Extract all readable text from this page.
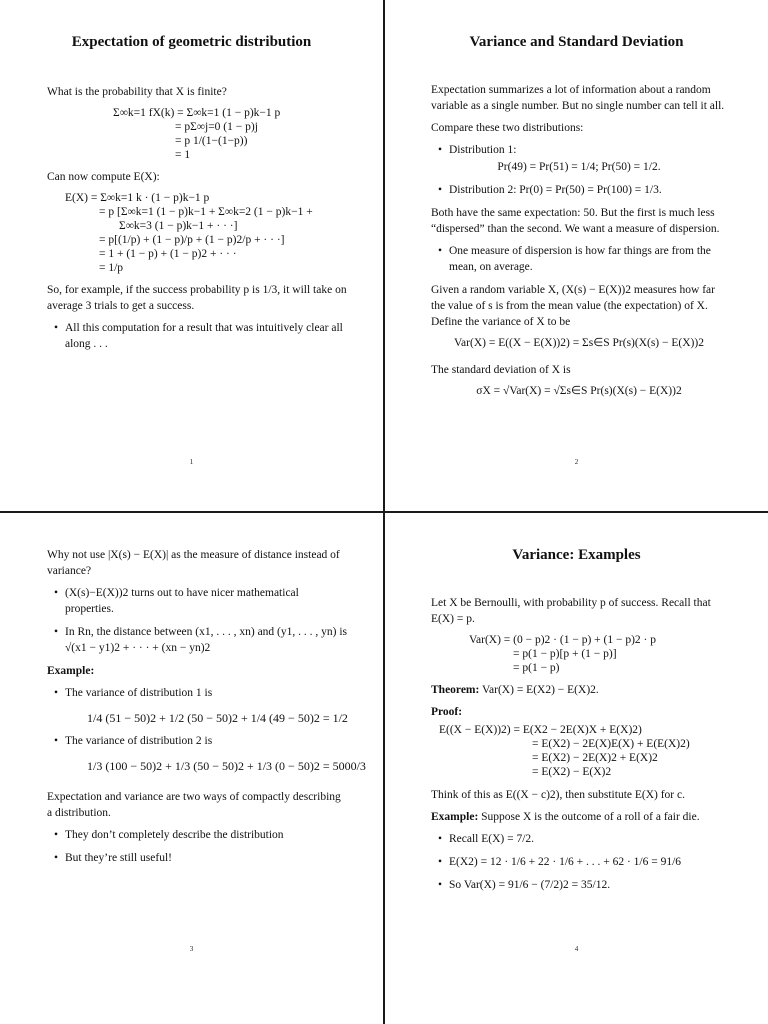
Expectation of geometric distribution
What is the probability that X is finite?
Σ∞k=1 fX(k) = Σ∞k=1 (1 − p)k−1 p
= pΣ∞j=0 (1 − p)j
= p 1/(1−(1−p))
= 1
Can now compute E(X):
E(X) = Σ∞k=1 k · (1 − p)k−1 p
= p [Σ∞k=1 (1 − p)k−1 + Σ∞k=2 (1 − p)k−1 +
Σ∞k=3 (1 − p)k−1 + · · ·]
= p[(1/p) + (1 − p)/p + (1 − p)2/p + · · ·]
= 1 + (1 − p) + (1 − p)2 + · · ·
= 1/p
So, for example, if the success probability p is 1/3, it will take on average 3 trials to get a success.
• All this computation for a result that was intuitively clear all along . . .
1
Variance and Standard Deviation
Expectation summarizes a lot of information about a random variable as a single number. But no single number can tell it all.
Compare these two distributions:
• Distribution 1:
Pr(49) = Pr(51) = 1/4; Pr(50) = 1/2.
• Distribution 2: Pr(0) = Pr(50) = Pr(100) = 1/3.
Both have the same expectation: 50. But the first is much less “dispersed” than the second. We want a measure of dispersion.
• One measure of dispersion is how far things are from the mean, on average.
Given a random variable X, (X(s) − E(X))2 measures how far the value of s is from the mean value (the expectation) of X. Define the variance of X to be
Var(X) = E((X − E(X))2) = Σs∈S Pr(s)(X(s) − E(X))2
The standard deviation of X is
σX = √Var(X) = √Σs∈S Pr(s)(X(s) − E(X))2
2
Why not use |X(s) − E(X)| as the measure of distance instead of variance?
• (X(s)−E(X))2 turns out to have nicer mathematical properties.
• In Rn, the distance between (x1, . . . , xn) and (y1, . . . , yn) is √(x1 − y1)2 + · · · + (xn − yn)2
Example:
• The variance of distribution 1 is
1/4 (51 − 50)2 + 1/2 (50 − 50)2 + 1/4 (49 − 50)2 = 1/2
• The variance of distribution 2 is
1/3 (100 − 50)2 + 1/3 (50 − 50)2 + 1/3 (0 − 50)2 = 5000/3
Expectation and variance are two ways of compactly describing a distribution.
• They don’t completely describe the distribution
• But they’re still useful!
3
Variance: Examples
Let X be Bernoulli, with probability p of success. Recall that E(X) = p.
Var(X) = (0 − p)2 · (1 − p) + (1 − p)2 · p
= p(1 − p)[p + (1 − p)]
= p(1 − p)
Theorem: Var(X) = E(X2) − E(X)2.
Proof:
E((X − E(X))2) = E(X2 − 2E(X)X + E(X)2)
= E(X2) − 2E(X)E(X) + E(E(X)2)
= E(X2) − 2E(X)2 + E(X)2
= E(X2) − E(X)2
Think of this as E((X − c)2), then substitute E(X) for c.
Example: Suppose X is the outcome of a roll of a fair die.
• Recall E(X) = 7/2.
• E(X2) = 12 · 1/6 + 22 · 1/6 + . . . + 62 · 1/6 = 91/6
• So Var(X) = 91/6 − (7/2)2 = 35/12.
4
